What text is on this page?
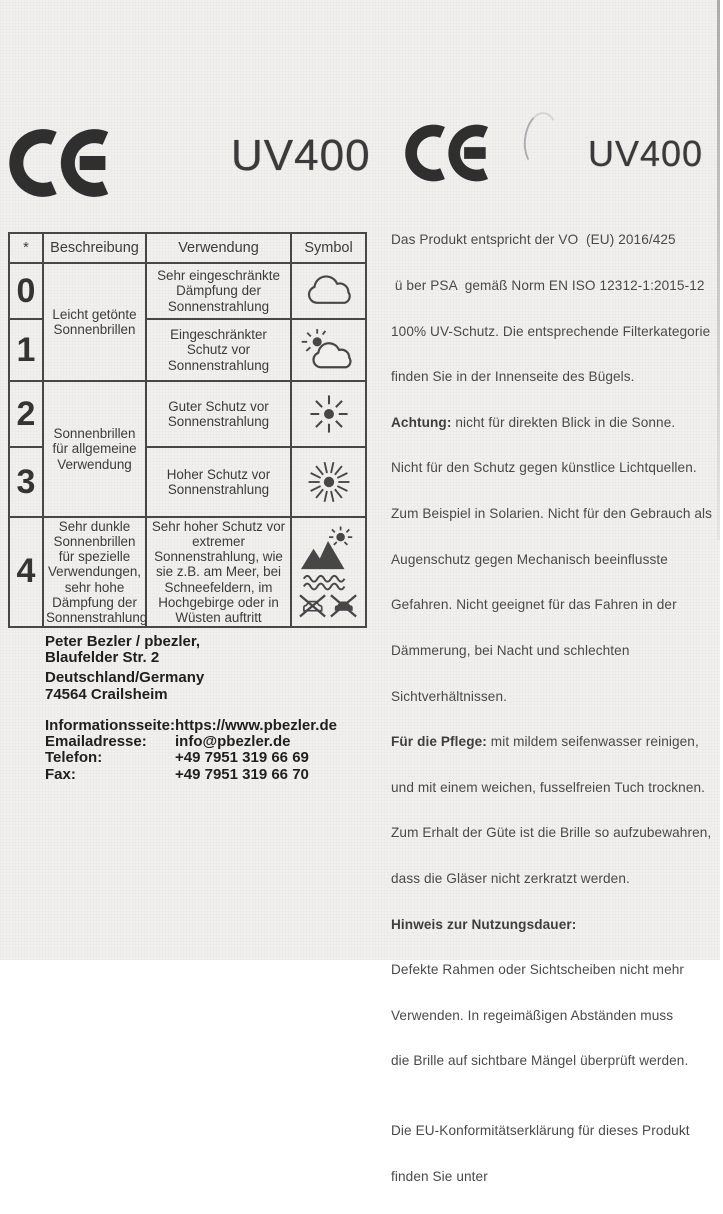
UV400	UV400
*	Beschreibung	Verwendung	Symbol
0	Leicht getönte Sonnenbrillen	Sehr eingeschränkte Dämpfung der Sonnenstrahlung	
1		Eingeschränkter Schutz vor Sonnenstrahlung	
2	Sonnenbrillen für allgemeine Verwendung	Guter Schutz vor Sonnenstrahlung	
3		Hoher Schutz vor Sonnenstrahlung	
4	Sehr dunkle Sonnenbrillen für spezielle Verwendungen, sehr hohe Dämpfung der Sonnenstrahlung	Sehr hoher Schutz vor extremer Sonnenstrahlung, wie sie z.B. am Meer, bei Schneefeldern, im Hochgebirge oder in Wüsten auftritt	

Das Produkt entspricht der VO  (EU) 2016/425

ü ber PSA  gemäß Norm EN ISO 12312-1:2015-12

100% UV-Schutz. Die entsprechende Filterkategorie

finden Sie in der Innenseite des Bügels.

Achtung: nicht für direkten Blick in die Sonne.

Nicht für den Schutz gegen künstlice Lichtquellen.

Zum Beispiel in Solarien. Nicht für den Gebrauch als

Augenschutz gegen Mechanisch beeinflusste

Gefahren. Nicht geeignet für das Fahren in der

Dämmerung, bei Nacht und schlechten

Sichtverhältnissen.

Für die Pflege: mit mildem seifenwasser reinigen,

und mit einem weichen, fusselfreien Tuch trocknen.

Zum Erhalt der Güte ist die Brille so aufzubewahren,

dass die Gläser nicht zerkratzt werden.

Hinweis zur Nutzungsdauer:

Defekte Rahmen oder Sichtscheiben nicht mehr

Verwenden. In regeimäßigen Abständen muss

die Brille auf sichtbare Mängel überprüft werden.

Die EU-Konformitätserklärung für dieses Produkt

finden Sie unter

Peter Bezler / pbezler,
Blaufelder Str. 2
Deutschland/Germany
74564 Crailsheim
Informationsseite: https://www.pbezler.de
Emailadresse:	info@pbezler.de
Telefon:	+49 7951 319 66 69
Fax:	+49 7951 319 66 70
